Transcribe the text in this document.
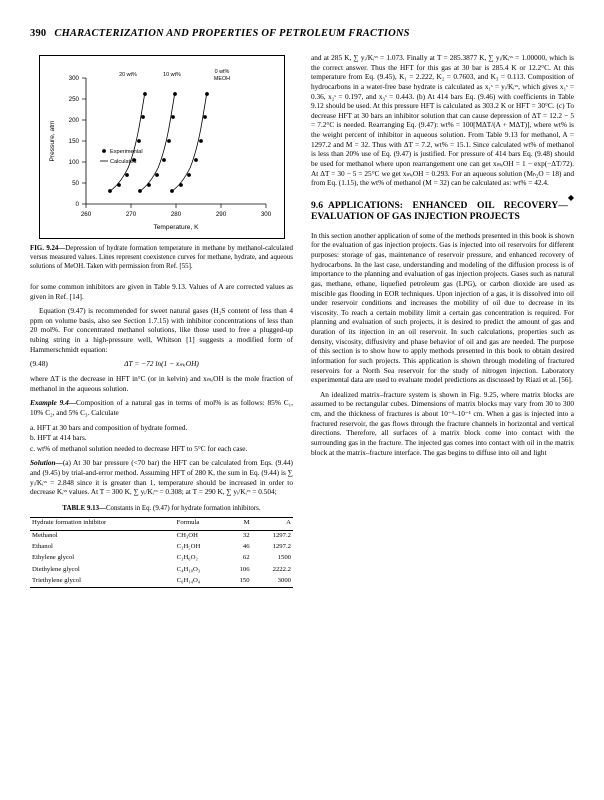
390 CHARACTERIZATION AND PROPERTIES OF PETROLEUM FRACTIONS
260	270	280	290	300
0
50
100
150
200
250
300
Temperature, K
Pressure, atm
20 wt%	10 wt%	0 wt%
MEOH
Experimental
Calculated
FIG. 9.24—Depression of hydrate formation temperature in methane by methanol-calculated versus measured values. Lines represent coexistence curves for methane, hydrate, and aqueous solutions of MeOH. Taken with permission from Ref. [55].

for some common inhibitors are given in Table 9.13. Values of A are corrected values as given in Ref. [14].

Equation (9.47) is recommended for sweet natural gases (H₂S content of less than 4 ppm on volume basis, also see Section 1.7.15) with inhibitor concentrations of less than 20 mol%. For concentrated methanol solutions, like those used to free a plugged-up tubing string in a high-pressure well, Whitson [1] suggests a modified form of Hammerschmidt equation:

(9.48)	ΔT = −72 ln(1 − xₘₑOH)

where ΔT is the decrease in HFT in°C (or in kelvin) and xₘₑOH is the mole fraction of methanol in the aqueous solution.

Example 9.4—Composition of a natural gas in terms of mol% is as follows: 85% C₁, 10% C₂, and 5% C₃. Calculate

a. HFT at 30 bars and composition of hydrate formed.
b. HFT at 414 bars.
c. wt% of methanol solution needed to decrease HFT to 5°C for each case.

Solution—(a) At 30 bar pressure (<70 bar) the HFT can be calculated from Eqs. (9.44) and (9.45) by trial-and-error method. Assuming HFT of 280 K, the sum in Eq. (9.44) is ∑ yᵢ/Kᵢᵛˢ = 2.848 since it is greater than 1, temperature should be increased in order to decrease Kᵢᵛˢ values. At T = 300 K, ∑ yᵢ/Kᵢᵛˢ = 0.308; at T = 290 K, ∑ yᵢ/Kᵢᵛˢ = 0.504;

TABLE 9.13—Constants in Eq. (9.47) for hydrate formation inhibitors.
Hydrate formation inhibitor	Formula	M	A
Methanol	CH₃OH	32	1297.2
Ethanol	C₂H₅OH	46	1297.2
Ethylene glycol	C₂H₆O₂	62	1500
Diethylene glycol	C₄H₁₀O₃	106	2222.2
Triethylene glycol	C₆H₁₄O₄	150	3000

and at 285 K, ∑ yᵢ/Kᵢᵛˢ = 1.073. Finally at T = 285.3877 K, ∑ yᵢ/Kᵢᵛˢ = 1.00000, which is the correct answer. Thus the HFT for this gas at 30 bar is 285.4 K or 12.2°C. At this temperature from Eq. (9.45), K₁ = 2.222, K₂ = 0.7603, and K₃ = 0.113. Composition of hydrocarbons in a water-free base hydrate is calculated as x₁ˢ = yᵢ/Kᵢᵛˢ, which gives x₁ˢ = 0.36, x₂ˢ = 0.197, and x₃ˢ = 0.443. (b) At 414 bars Eq. (9.46) with coefficients in Table 9.12 should be used. At this pressure HFT is calculated as 303.2 K or HFT = 30°C. (c) To decrease HFT at 30 bars an inhibitor solution that can cause depression of ΔT = 12.2 − 5 = 7.2°C is needed. Rearranging Eq. (9.47): wt% = 100[MΔT/(A + MΔT)], where wt% is the weight percent of inhibitor in aqueous solution. From Table 9.13 for methanol, A = 1297.2 and M = 32. Thus with ΔT = 7.2, wt% = 15.1. Since calculated wt% of methanol is less than 20% use of Eq. (9.47) is justified. For pressure of 414 bars Eq. (9.48) should be used for methanol where upon rearrangement one can get xₘₑOH = 1 − exp(−ΔT/72). At ΔT = 30 − 5 = 25°C we get xₘₑOH = 0.293. For an aqueous solution (Mₕ₂O = 18) and from Eq. (1.15), the wt% of methanol (M = 32) can be calculated as: wt% = 42.4.

◆
9.6 APPLICATIONS: ENHANCED OIL RECOVERY—EVALUATION OF GAS INJECTION PROJECTS

In this section another application of some of the methods presented in this book is shown for the evaluation of gas injection projects. Gas is injected into oil reservoirs for different purposes: storage of gas, maintenance of reservoir pressure, and enhanced recovery of hydrocarbons. In the last case, understanding and modeling of the diffusion process is of importance to the planning and evaluation of gas injection projects. Gases such as natural gas, methane, ethane, liquefied petroleum gas (LPG), or carbon dioxide are used as miscible gas flooding in EOR techniques. Upon injection of a gas, it is dissolved into oil under reservoir conditions and increases the mobility of oil due to decrease in its viscosity. To reach a certain mobility limit a certain gas concentration is required. For planning and evaluation of such projects, it is desired to predict the amount of gas and duration of its injection in an oil reservoir. In such calculations, properties such as density, viscosity, diffusivity and phase behavior of oil and gas are needed. The purpose of this section is to show how to apply methods presented in this book to obtain desired information for such projects. This application is shown through modeling of fractured reservoirs for a North Sea reservoir for the study of nitrogen injection. Laboratory experimental data are used to evaluate model predictions as discussed by Riazi et al. [56].

An idealized matrix–fracture system is shown in Fig. 9.25, where matrix blocks are assumed to be rectangular cubes. Dimensions of matrix blocks may vary from 30 to 300 cm, and the thickness of fractures is about 10⁻³–10⁻¹ cm. When a gas is injected into a fractured reservoir, the gas flows through the fracture channels in horizontal and vertical directions. Therefore, all surfaces of a matrix block come into contact with the surrounding gas in the fracture. The injected gas comes into contact with oil in the matrix block at the matrix–fracture interface. The gas begins to diffuse into oil and light
